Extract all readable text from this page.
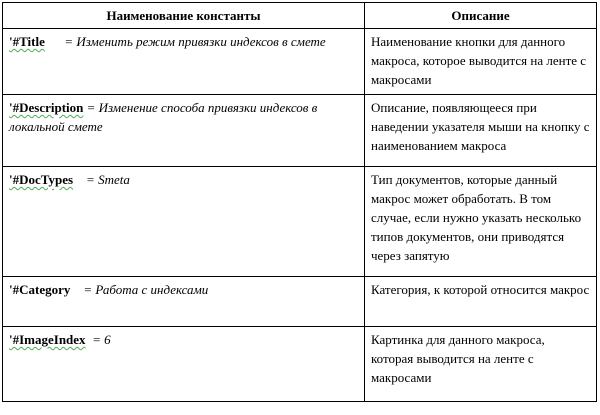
Наименование константы	Описание
'#Title = Изменить режим привязки индексов в смете	Наименование кнопки для данного макроса, которое выводится на ленте с макросами
'#Description = Изменение способа привязки индексов в локальной смете	Описание, появляющееся при наведении указателя мыши на кнопку с наименованием макроса
'#DocTypes = Smeta	Тип документов, которые данный макрос может обработать. В том случае, если нужно указать несколько типов документов, они приводятся через запятую
'#Category = Работа с индексами	Категория, к которой относится макрос
'#ImageIndex = 6	Картинка для данного макроса, которая выводится на ленте с макросами
